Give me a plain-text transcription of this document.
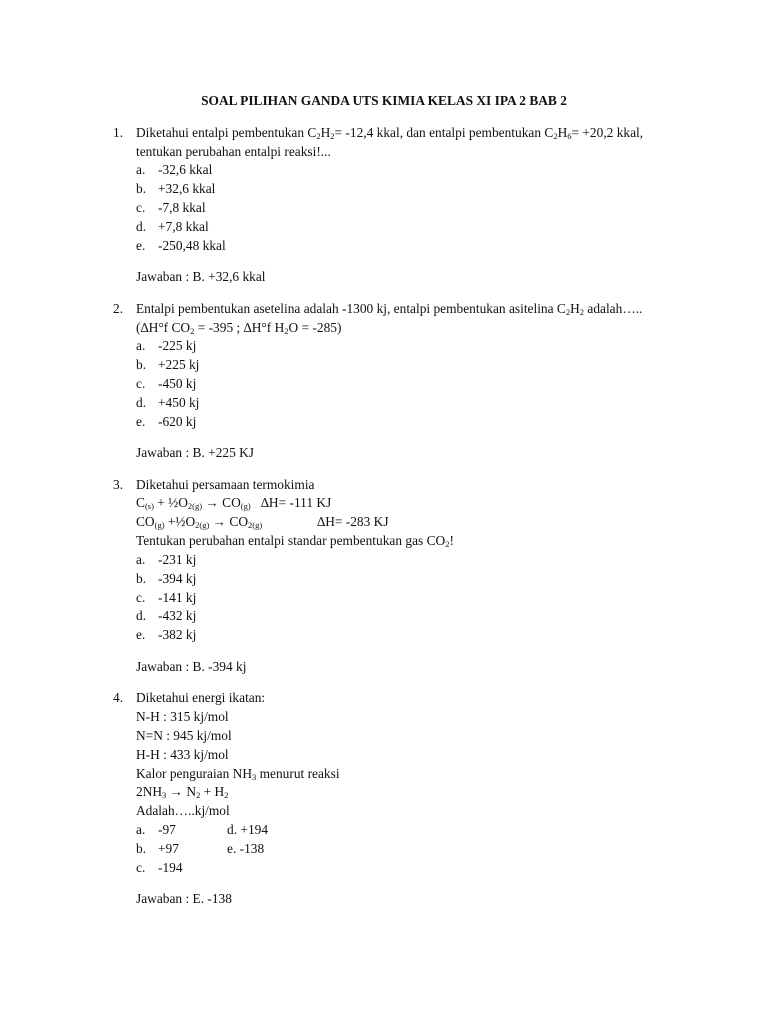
SOAL PILIHAN GANDA UTS KIMIA KELAS XI IPA 2 BAB 2
1. Diketahui entalpi pembentukan $C_2H_2= -12,4$ kkal, dan entalpi pembentukan $C_2H_6= +20,2$ kkal,
tentukan perubahan entalpi reaksi!...
a. -32,6 kkal
b. +32,6 kkal
c. -7,8 kkal
d. +7,8 kkal
e. -250,48 kkal
Jawaban : B. +32,6 kkal
2. Entalpi pembentukan asetelina adalah -1300 kj, entalpi pembentukan asitelina $C_2H_2$ adalah…..
(∆H°f $CO_2 = -395$ ; ∆H°f $H_2O = -285$)
a. -225 kj
b. +225 kj
c. -450 kj
d. +450 kj
e. -620 kj
Jawaban : B. +225 KJ
3. Diketahui persamaan termokimia
$C_{(s)}$ + $\frac{1}{2}O_{2(g)} \to CO_{(g)}$   ∆H= -111 KJ
$CO_{(g)}$ $+\frac{1}{2}O_{2(g)} \to CO_{2(g)}$	∆H= -283 KJ
Tentukan perubahan entalpi standar pembentukan gas $CO_2$!
a. -231 kj
b. -394 kj
c. -141 kj
d. -432 kj
e. -382 kj
Jawaban : B. -394 kj
4. Diketahui energi ikatan:
N-H : 315 kj/mol
N=N : 945 kj/mol
H-H : 433 kj/mol
Kalor penguraian $NH_3$ menurut reaksi
$2NH_3 \to N_2 + H_2$
Adalah…..kj/mol
a. -97	d. +194
b. +97	e. -138
c. -194
Jawaban : E. -138
